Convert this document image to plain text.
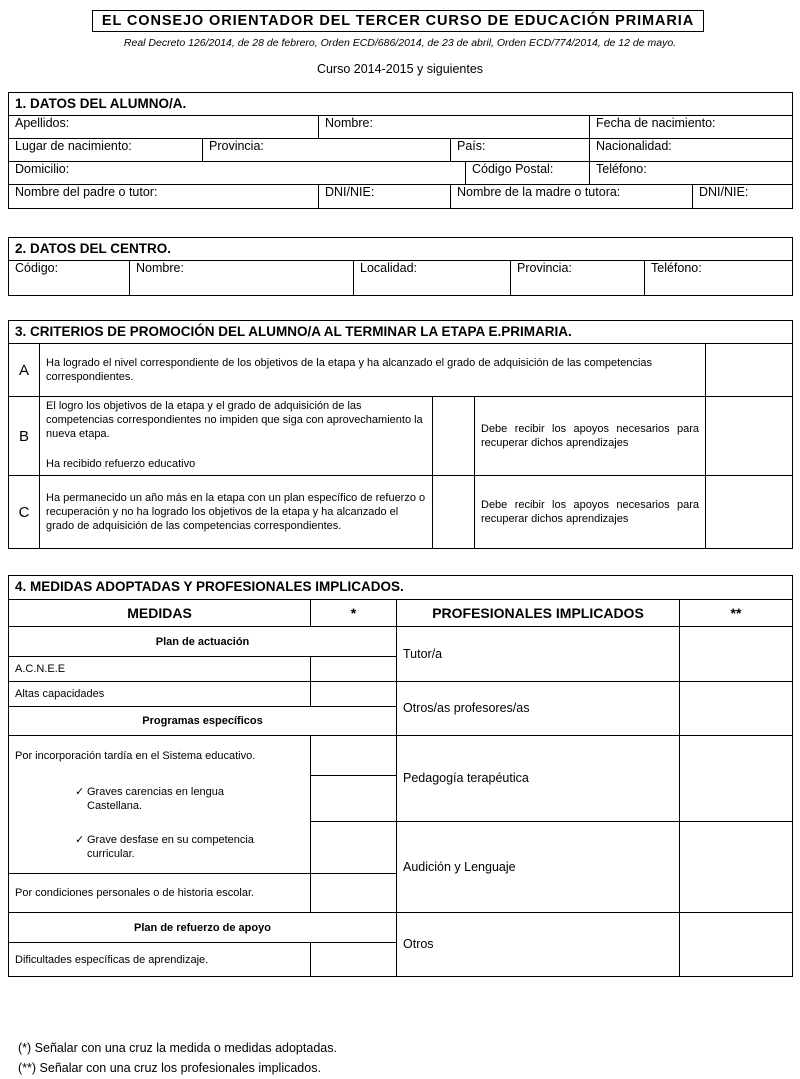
EL CONSEJO ORIENTADOR DEL TERCER CURSO DE EDUCACIÓN PRIMARIA
Real Decreto 126/2014, de 28 de febrero, Orden ECD/686/2014, de 23 de abril, Orden ECD/774/2014, de 12 de mayo.
Curso 2014-2015 y siguientes
1. DATOS DEL ALUMNO/A.						
Apellidos:		Nombre:			Fecha de nacimiento:	
Lugar de nacimiento:	Provincia:		País:		Nacionalidad:	
Domicilio:				Código Postal:	Teléfono:	
Nombre del padre o tutor:		DNI/NIE:	Nombre de la madre o tutora:			DNI/NIE:
2. DATOS DEL CENTRO.
Código:	Nombre:	Localidad:	Provincia:	Teléfono:
3. CRITERIOS DE PROMOCIÓN DEL ALUMNO/A AL TERMINAR LA ETAPA E.PRIMARIA.				
A	Ha logrado el nivel correspondiente de los objetivos de la etapa y ha alcanzado el grado de adquisición de las competencias correspondientes.			
B	El logro los objetivos de la etapa y el grado de adquisición de las competencias correspondientes no impiden que siga con aprovechamiento la nueva etapa.
Ha recibido refuerzo educativo		Debe recibir los apoyos necesarios para recuperar dichos aprendizajes	
C	Ha permanecido un año más en la etapa con un plan específico de refuerzo o recuperación y no ha logrado los objetivos de la etapa y ha alcanzado el grado de adquisición de las competencias correspondientes.		Debe recibir los apoyos necesarios para recuperar dichos aprendizajes	
4. MEDIDAS ADOPTADAS Y PROFESIONALES IMPLICADOS.			
MEDIDAS	*	PROFESIONALES IMPLICADOS	**
Plan de actuación		Tutor/a	
A.C.N.E.E			
Altas capacidades		Otros/as profesores/as	
Programas específicos			
Por incorporación tardía en el Sistema educativo.		Pedagogía terapéutica	

✓ Graves carencias en lengua Castellana.			

✓ Grave desfase en su competencia curricular.		Audición y Lenguaje	
Por condiciones personales o de historia escolar.			
Plan de refuerzo de apoyo		Otros	
Dificultades específicas de aprendizaje.			
(*) Señalar con una cruz la medida o medidas adoptadas.
(**) Señalar con una cruz los profesionales implicados.
